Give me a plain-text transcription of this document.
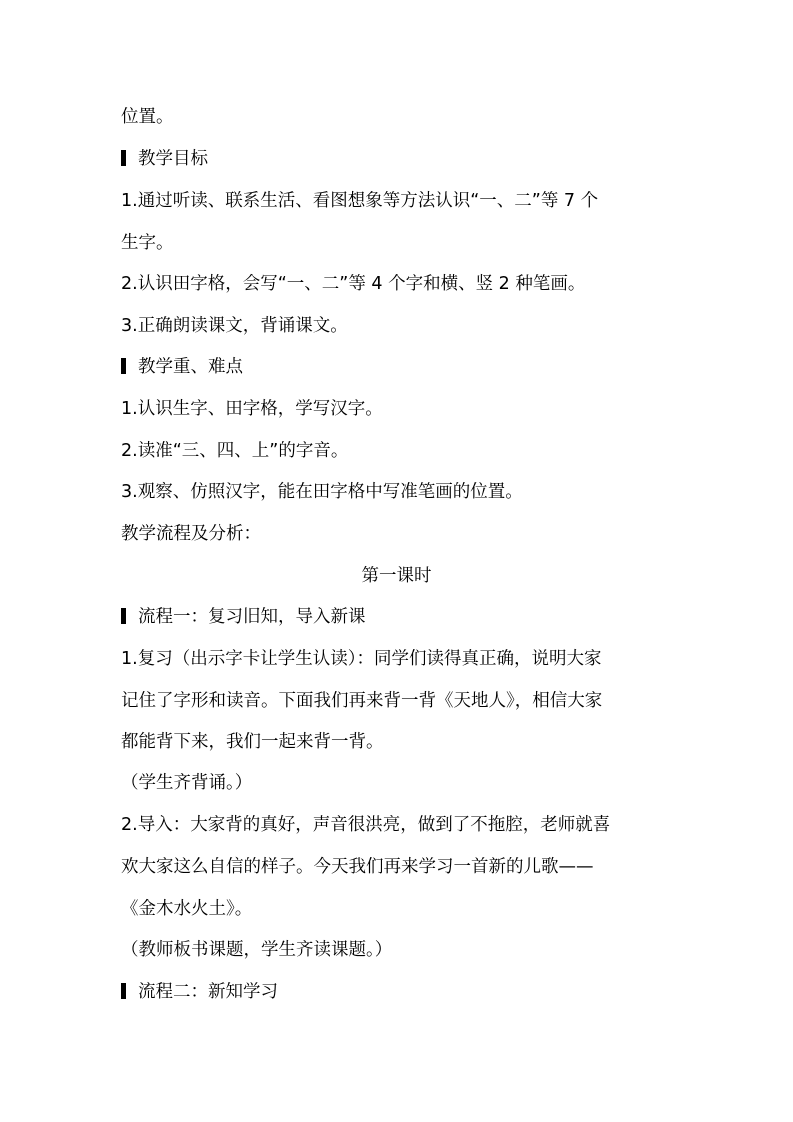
位置。
教学目标
1.通过听读、联系生活、看图想象等方法认识“一、二”等 7 个
生字。
2.认识田字格，会写“一、二”等 4 个字和横、竖 2 种笔画。
3.正确朗读课文，背诵课文。
教学重、难点
1.认识生字、田字格，学写汉字。
2.读准“三、四、上”的字音。
3.观察、仿照汉字，能在田字格中写准笔画的位置。
教学流程及分析：
第一课时
流程一：复习旧知，导入新课
1.复习（出示字卡让学生认读）：同学们读得真正确，说明大家
记住了字形和读音。下面我们再来背一背《天地人》，相信大家
都能背下来，我们一起来背一背。
（学生齐背诵。）
2.导入：大家背的真好，声音很洪亮，做到了不拖腔，老师就喜
欢大家这么自信的样子。今天我们再来学习一首新的儿歌——
《金木水火土》。
（教师板书课题，学生齐读课题。）
流程二：新知学习
